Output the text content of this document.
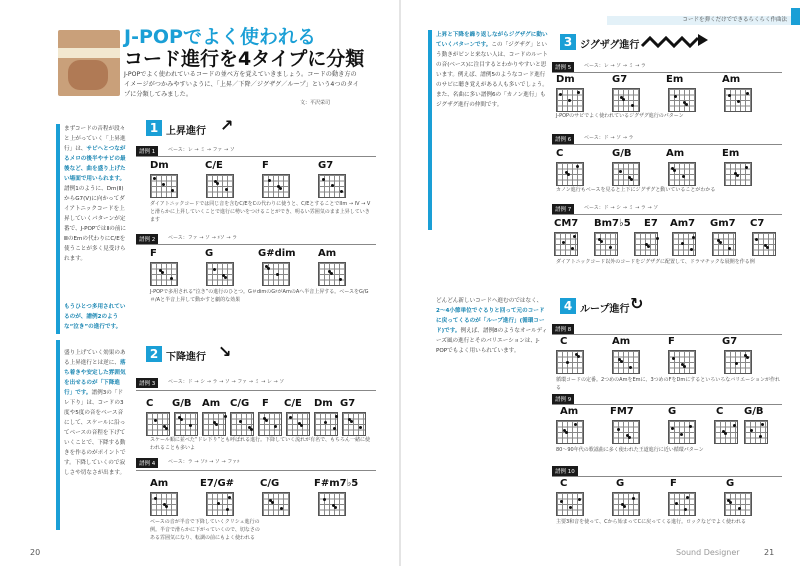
J-POPでよく使われる
コード進行を4タイプに分類
J-POPでよく使われているコードの並べ方を覚えていきましょう。コードの動き方のイメージがつかみやすいように、「上昇／下降／ジグザグ／ループ」という4つのタイプに分類してみました。
文：平沢栄司
まずコードの音程が段々と上がっていく「上昇進行」は、サビへとつながるメロの後半やサビの最後など、曲を盛り上げたい場面で用いられます。譜例1のように、Dm(Ⅱ)からG7(Ⅴ)に向かってダイアトニックコードを上昇していくパターンが定番で、J-POPではⅡの前にⅢのEmの代わりにC/Eを使うことが多く見受けられます。
もうひとつ多用されているのが、譜例2のような“泣き”の進行です。
盛り上げていく効果のある上昇進行とは逆に、落ち着きや安定した雰囲気を出せるのが「下降進行」です。譜例3の「ドレ下り」は、コードの3度や5度の音をベース音にして、スケールに沿ってベースの音程を下げていくことで、下降する動きを作るのがポイントです。下降していくので寂しさや切なさが出ます。
1 上昇進行 ↗
譜例 1	ベース：レ → ミ → ファ → ソ
Dm	C/E	F	G7
ダイアトニックコードでは同じ音を含むC/EをCの代わりに使うと、C/EとすることでIIm → IV → Vと滑らかに上昇していくことで進行に勢いをつけることができ、明るい雰囲気のまま上昇していきます
譜例 2	ベース：ファ → ソ → ♯ソ → ラ
F	G	G#dim Am
J-POPで多用される“泣き”の進行のひとつ。G＃dimのG♯がAmのAへ半音上昇する。ベースをG/G＃/Aと半音上昇して動かすと劇的な効果
2 下降進行 ↘
譜例 3	ベース：ド → シ → ラ → ソ → ファ → ミ → レ → ソ
C G/B Am C/G F C/E Dm G7
スケール順に並べた“ドレ下り”とも呼ばれる進行。下降していく流れが有名で、もちろん一緒に使われることも多いよ
譜例 4	ベース：ラ → ソ♯ → ソ → ファ♯
Am	E7/G#	C/G	F#m7♭5
ベースの音が半音で下降していくクリシェ進行の例。半音で滑らかに下がっていくので、切なさのある雰囲気になり、転調の前にもよく使われる
20
コードを弾くだけでできるらくらく作曲法
上昇と下降を繰り返しながらジグザグに動いていくパターンです。この「ジグザグ」という動きがピンと来ない人は、コードのルートの音(ベース)に注目するとわかりやすいと思います。例えば、譜例5のようなコード進行のサビに聴き覚えがある人も多いでしょう。また、名曲に多い譜例6の「カノン進行」もジグザグ進行の仲間です。
どんどん新しいコードへ進むのではなく、2〜4小節単位でぐるりと回って元のコードに戻ってくるのが「ループ進行」(循環コード)です。例えば、譜例8のようなオールディーズ風の進行とそのバリエーションは、J-POPでもよく用いられています。
3 ジグザグ進行
譜例 5	ベース：レ → ソ → ミ → ラ
Dm	G7	Em	Am
J-POPのサビでよく使われているジグザグ進行のパターン
譜例 6	ベース：ド → ソ → ラ
C	G/B	Am	Em
カノン進行もベースを見ると上下にジグザグと動いていることがわかる
譜例 7	ベース：ド → シ → ミ → ラ → ソ
CM7 Bm7♭5 E7 Am7 Gm7 C7
ダイアトニックコード以外のコードをジグザグに配置して、ドラマチックな展開を作る例
4 ループ進行 ↻
譜例 8
C	Am	F	G7
循環コードの定番。2つめのAmをEmに、3つめのFをDmにするといろいろなバリエーションが作れる
譜例 9
Am	FM7	G	C G/B
80〜90年代の歌謡曲に多く使われた王道進行に近い循環パターン
譜例 10
C	G	F	G
主要3和音を使って、Cから始まってCに戻ってくる進行。ロックなどでよく使われる
Sound Designer	21
